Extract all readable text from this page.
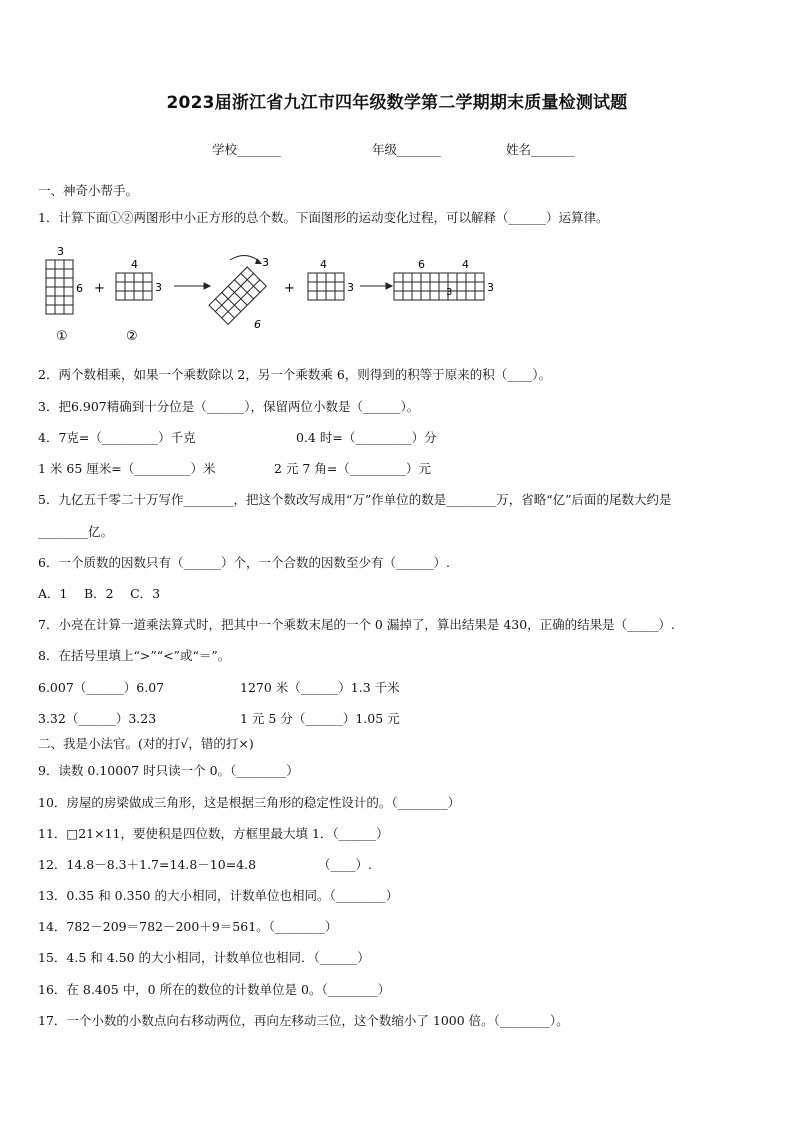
2023届浙江省九江市四年级数学第二学期期末质量检测试题
学校_______	年级_______	姓名_______
一、神奇小帮手。
1．计算下面①②两图形中小正方形的总个数。下面图形的运动变化过程，可以解释（______）运算律。
3
6 +
①
4
3
②
3
6
+
4
3
6	4
3	3
2．两个数相乘，如果一个乘数除以 2，另一个乘数乘 6，则得到的积等于原来的积（____）。
3．把6.907精确到十分位是（______），保留两位小数是（______）。
4．7克=（_________）千克	0.4 时=（_________）分
1 米 65 厘米=（_________）米	2 元 7 角=（_________）元
5．九亿五千零二十万写作________，把这个数改写成用“万”作单位的数是________万，省略“亿”后面的尾数大约是
________亿。
6．一个质数的因数只有（______）个，一个合数的因数至少有（______）.
A．1　 B．2　 C．3
7．小亮在计算一道乘法算式时，把其中一个乘数末尾的一个 0 漏掉了，算出结果是 430，正确的结果是（_____）.
8．在括号里填上“>”“<”或“＝”。
6.007（______）6.07	1270 米（______）1.3 千米
3.32（______）3.23	1 元 5 分（______）1.05 元
二、我是小法官。(对的打√，错的打×)
9．读数 0.10007 时只读一个 0。（________）
10．房屋的房梁做成三角形，这是根据三角形的稳定性设计的。（________）
11．□21×11，要使积是四位数，方框里最大填 1．（______）
12．14.8－8.3＋1.7=14.8－10=4.8	（____）.
13．0.35 和 0.350 的大小相同，计数单位也相同。（________）
14．782－209＝782－200＋9＝561。（________）
15．4.5 和 4.50 的大小相同，计数单位也相同．（______）
16．在 8.405 中，0 所在的数位的计数单位是 0。（________）
17．一个小数的小数点向右移动两位，再向左移动三位，这个数缩小了 1000 倍。（________）。
